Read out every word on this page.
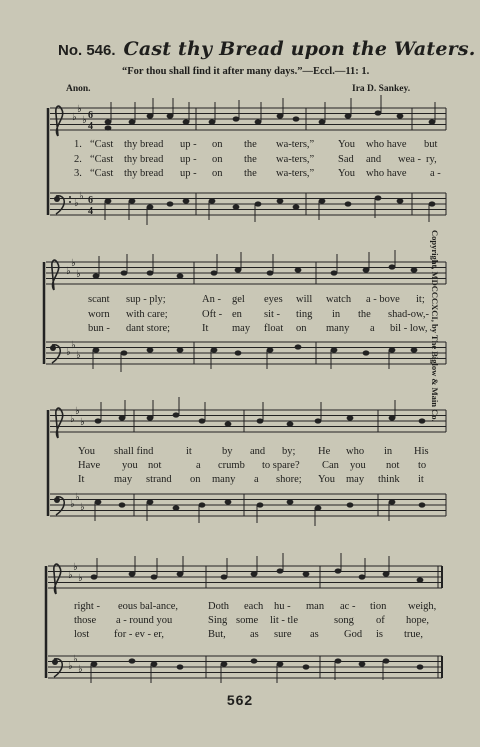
No. 546. Cast thy Bread upon the Waters.
“For thou shall find it after many days.”—Eccl.—11: 1.
Anon.	Ira D. Sankey.
Copyright, MDCCCXCI, by The Biglow & Main Co.
♭
♭
♭
♭
♭
6
4
6
4
1. “Cast thy bread up - on the wa-ters,” You who have but
2. “Cast thy bread up - on the wa-ters,” Sad and wea - ry,
3. “Cast thy bread up - on the wa-ters,” You who have a -
♭
♭
♭
♭
♭
♭
scant sup - ply;	An - gel eyes will watch a - bove it;
worn with care;	Oft - en sit - ting in the shad-ow,-
bun - dant store;	It may float on many a bil - low,
♭
♭
♭
♭
♭
♭
You shall find	it	by and by; He who in His
Have you not	a crumb to spare? Can you not to
It	may strand on many a shore; You may think it
♭
♭
♭
♭
♭
♭
right - eous bal-ance,	Doth each hu - man ac - tion weigh,
those a - round you	Sing some lit - tle	song of hope,
lost for - ev - er,	But, as sure as God is true,
562
